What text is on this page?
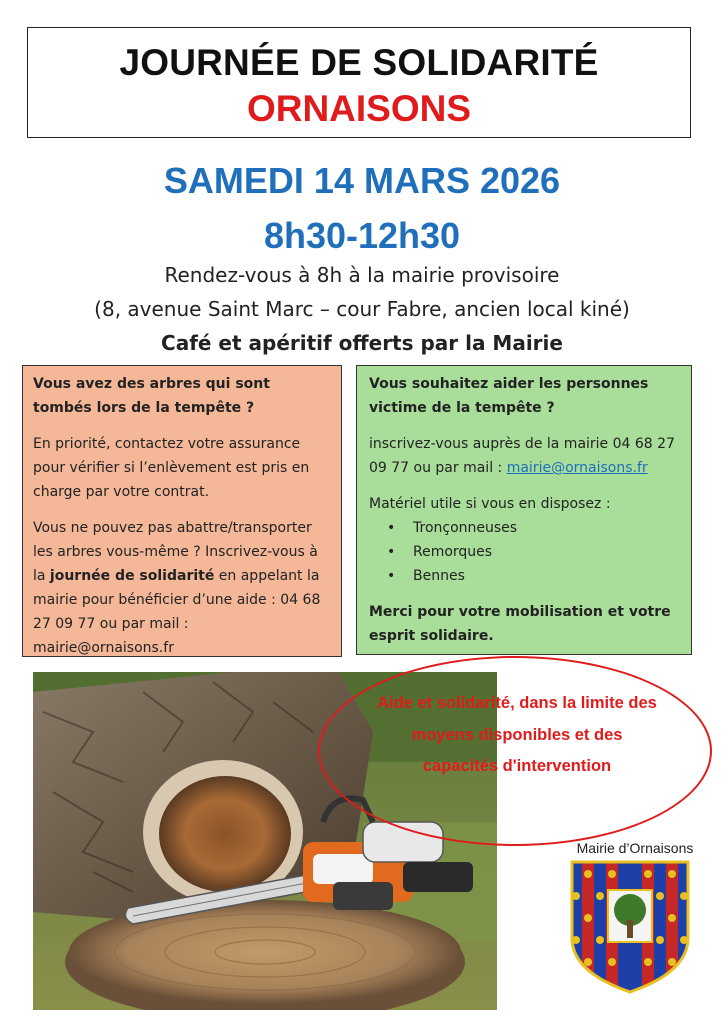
JOURNÉE DE SOLIDARITÉ
ORNAISONS
SAMEDI 14 MARS 2026
8h30-12h30
Rendez-vous à 8h à la mairie provisoire
(8, avenue Saint Marc – cour Fabre, ancien local kiné)
Café et apéritif offerts par la Mairie

Vous avez des arbres qui sont tombés lors de la tempête ?

En priorité, contactez votre assurance pour vérifier si l’enlèvement est pris en charge par votre contrat.

Vous ne pouvez pas abattre/transporter les arbres vous-même ? Inscrivez-vous à la journée de solidarité en appelant la mairie pour bénéficier d’une aide : 04 68 27 09 77 ou par mail : mairie@ornaisons.fr

Vous souhaitez aider les personnes victime de la tempête ?

inscrivez-vous auprès de la mairie 04 68 27 09 77 ou par mail : mairie@ornaisons.fr

Matériel utile si vous en disposez :
• Tronçonneuses
• Remorques
• Bennes

Merci pour votre mobilisation et votre esprit solidaire.

Aide et solidarité, dans la limite des moyens disponibles et des capacités d'intervention
Mairie d’Ornaisons
